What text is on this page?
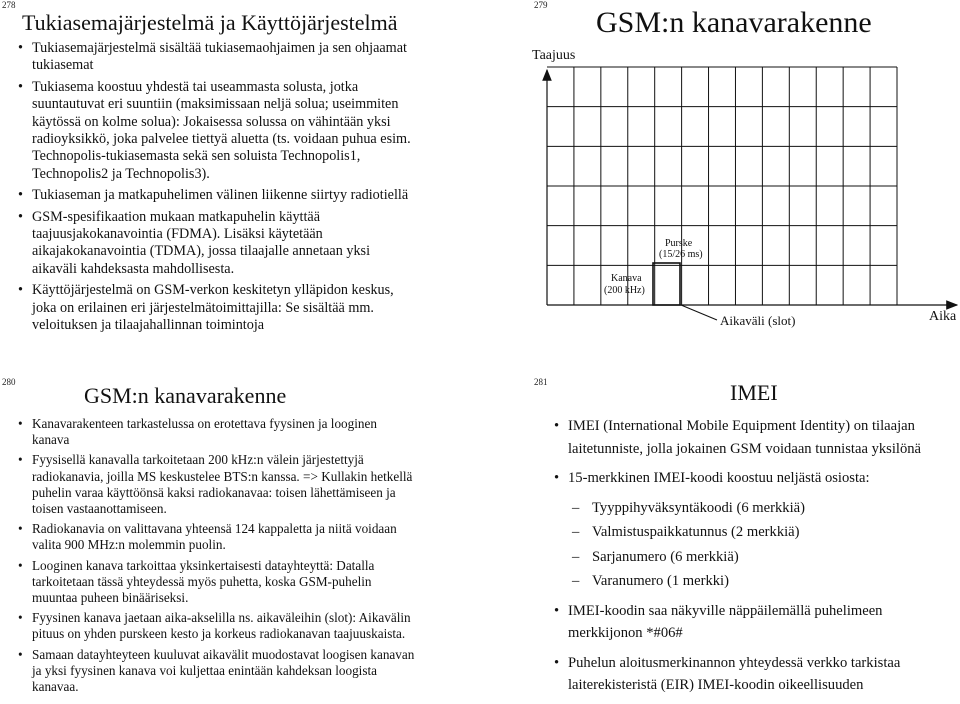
278
Tukiasemajärjestelmä ja Käyttöjärjestelmä
• Tukiasemajärjestelmä sisältää tukiasemaohjaimen ja sen ohjaamat tukiasemat
• Tukiasema koostuu yhdestä tai useammasta solusta, jotka suuntautuvat eri suuntiin (maksimissaan neljä solua; useimmiten käytössä on kolme solua): Jokaisessa solussa on vähintään yksi radioyksikkö, joka palvelee tiettyä aluetta (ts. voidaan puhua esim. Technopolis-tukiasemasta sekä sen soluista Technopolis1, Technopolis2 ja Technopolis3).
• Tukiaseman ja matkapuhelimen välinen liikenne siirtyy radiotiellä
• GSM-spesifikaation mukaan matkapuhelin käyttää taajuusjakokanavointia (FDMA). Lisäksi käytetään aikajakokanavointia (TDMA), jossa tilaajalle annetaan yksi aikaväli kahdeksasta mahdollisesta.
• Käyttöjärjestelmä on GSM-verkon keskitetyn ylläpidon keskus, joka on erilainen eri järjestelmätoimittajilla: Se sisältää mm. veloituksen ja tilaajahallinnan toimintoja
279
GSM:n kanavarakenne
Taajuus
Aika
Purske
(15/26 ms)
Kanava
(200 kHz)
Aikaväli (slot)
280
GSM:n kanavarakenne
• Kanavarakenteen tarkastelussa on erotettava fyysinen ja looginen kanava
• Fyysisellä kanavalla tarkoitetaan 200 kHz:n välein järjestettyjä radiokanavia, joilla MS keskustelee BTS:n kanssa. => Kullakin hetkellä puhelin varaa käyttöönsä kaksi radiokanavaa: toisen lähettämiseen ja toisen vastaanottamiseen.
• Radiokanavia on valittavana yhteensä 124 kappaletta ja niitä voidaan valita 900 MHz:n molemmin puolin.
• Looginen kanava tarkoittaa yksinkertaisesti datayhteyttä: Datalla tarkoitetaan tässä yhteydessä myös puhetta, koska GSM-puhelin muuntaa puheen binääriseksi.
• Fyysinen kanava jaetaan aika-akselilla ns. aikaväleihin (slot): Aikavälin pituus on yhden purskeen kesto ja korkeus radiokanavan taajuuskaista.
• Samaan datayhteyteen kuuluvat aikavälit muodostavat loogisen kanavan ja yksi fyysinen kanava voi kuljettaa enintään kahdeksan loogista kanavaa.
281	IMEI
• IMEI (International Mobile Equipment Identity) on tilaajan laitetunniste, jolla jokainen GSM voidaan tunnistaa yksilönä
• 15-merkkinen IMEI-koodi koostuu neljästä osiosta:
– Tyyppihyväksyntäkoodi (6 merkkiä)
– Valmistuspaikkatunnus (2 merkkiä)
– Sarjanumero (6 merkkiä)
– Varanumero (1 merkki)
• IMEI-koodin saa näkyville näppäilemällä puhelimeen merkkijonon *#06#
• Puhelun aloitusmerkinannon yhteydessä verkko tarkistaa laiterekisteristä (EIR) IMEI-koodin oikeellisuuden
